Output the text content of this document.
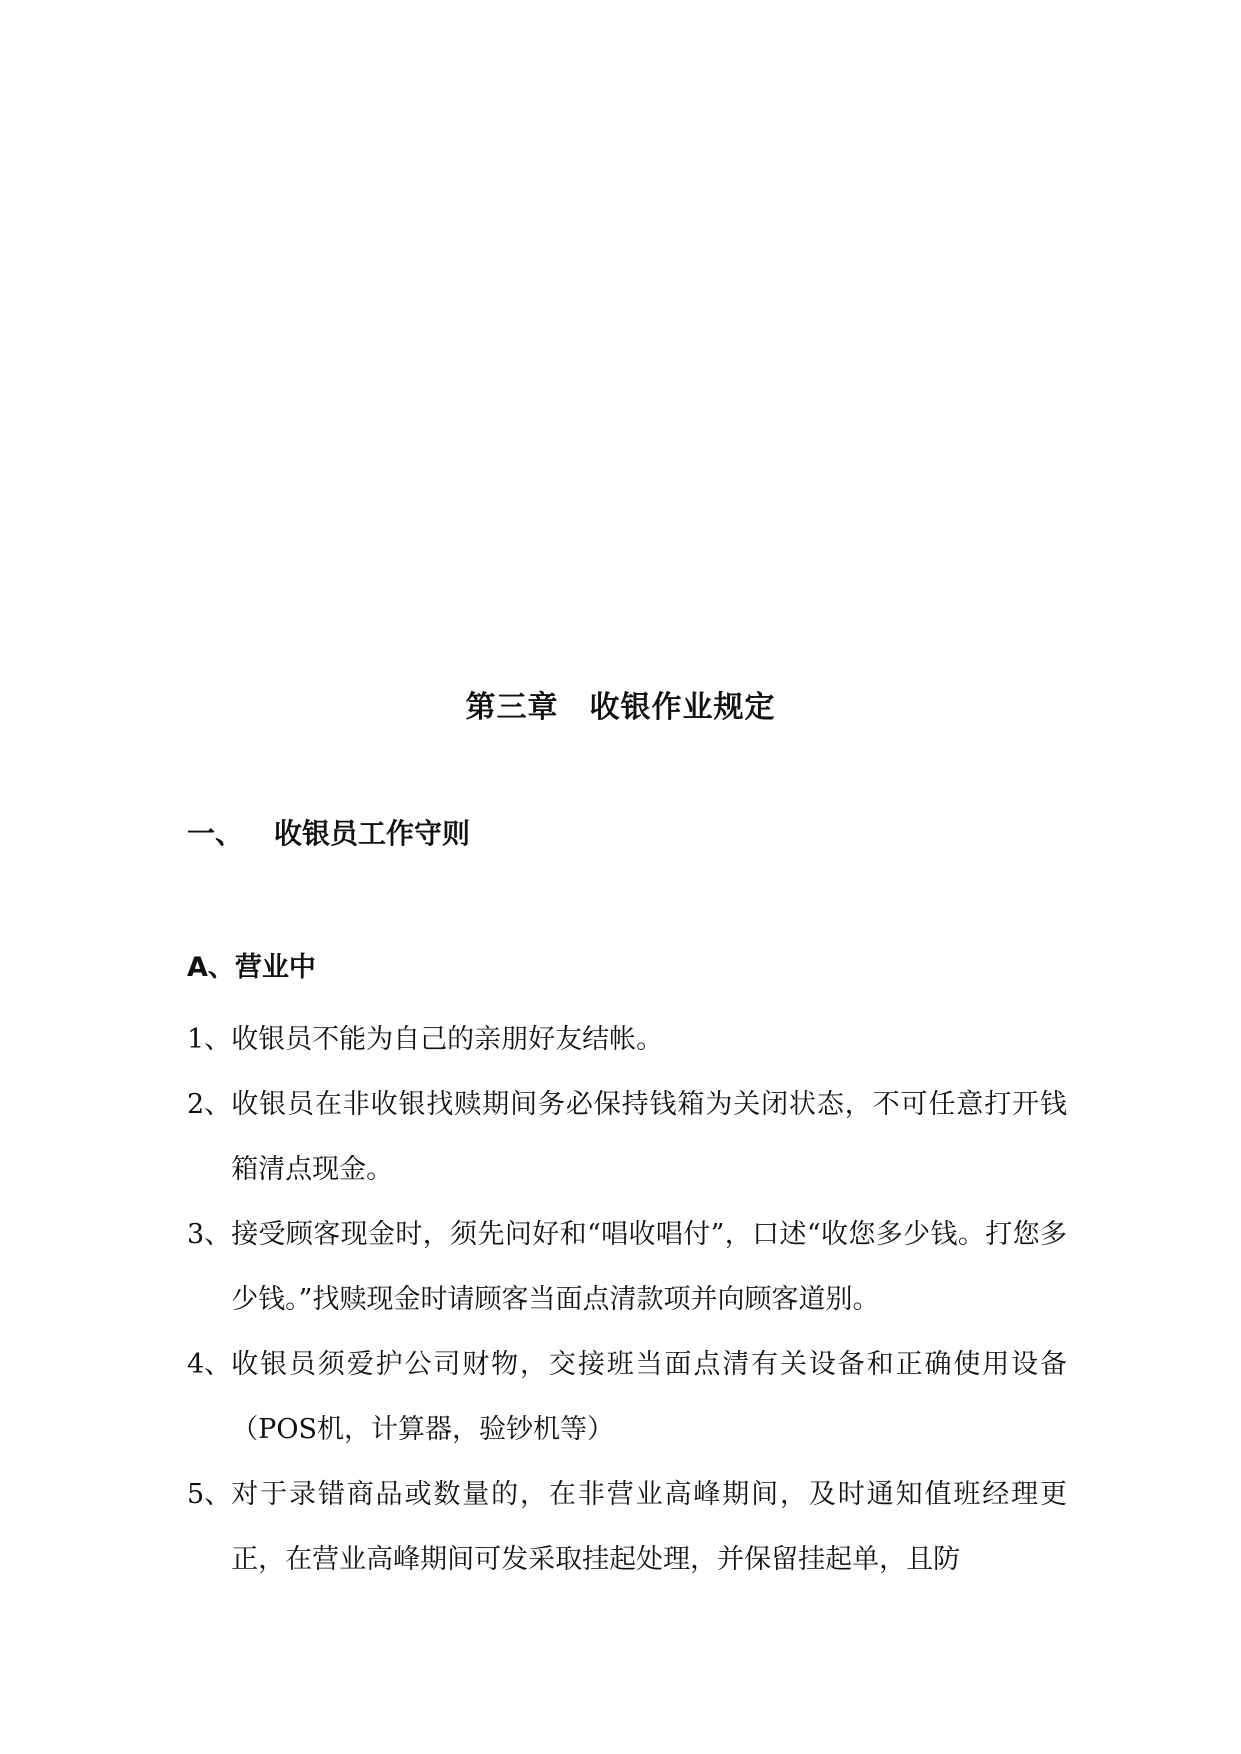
第三章　收银作业规定
一、 收银员工作守则
A、营业中
1、 收银员不能为自己的亲朋好友结帐。
2、 收银员在非收银找赎期间务必保持钱箱为关闭状态，不可任意打开钱箱清点现金。
3、 接受顾客现金时，须先问好和“唱收唱付”，口述“收您多少钱。打您多少钱。”找赎现金时请顾客当面点清款项并向顾客道别。
4、 收银员须爱护公司财物，交接班当面点清有关设备和正确使用设备（POS机，计算器，验钞机等）
5、 对于录错商品或数量的，在非营业高峰期间，及时通知值班经理更正，在营业高峰期间可发采取挂起处理，并保留挂起单，且防
